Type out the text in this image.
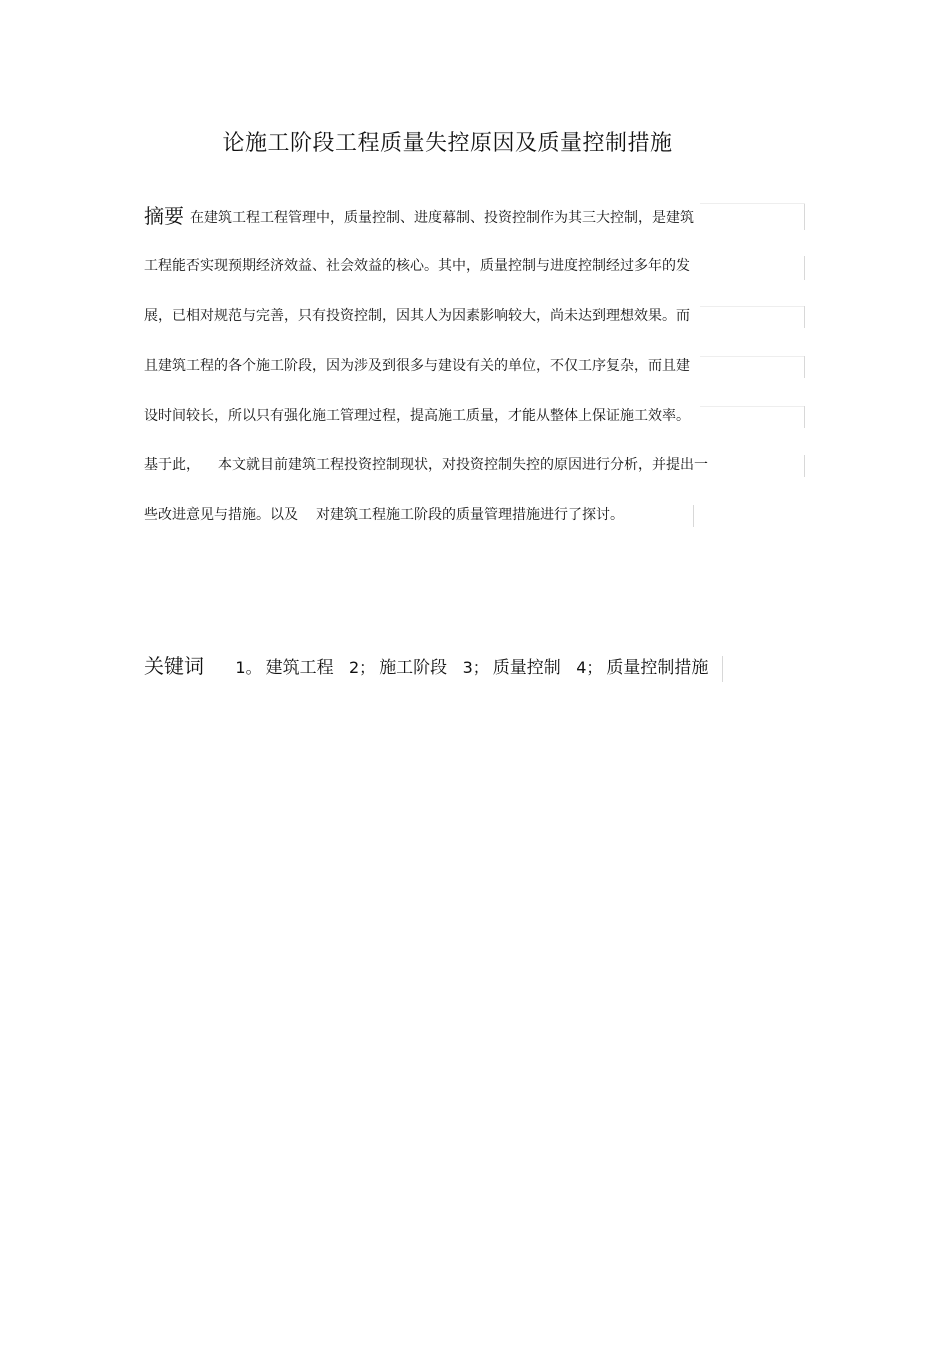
论施工阶段工程质量失控原因及质量控制措施
摘要 在建筑工程工程管理中，质量控制、进度幕制、投资控制作为其三大控制，是建筑
工程能否实现预期经济效益、社会效益的核心。其中，质量控制与进度控制经过多年的发
展，已相对规范与完善，只有投资控制，因其人为因素影响较大，尚未达到理想效果。而
且建筑工程的各个施工阶段，因为涉及到很多与建设有关的单位，不仅工序复杂，而且建
设时间较长，所以只有强化施工管理过程，提高施工质量，才能从整体上保证施工效率。
基于此， 本文就目前建筑工程投资控制现状，对投资控制失控的原因进行分析，并提出一
些改进意见与措施。以及 对建筑工程施工阶段的质量管理措施进行了探讨。
关键词 1。 建筑工程 2； 施工阶段 3； 质量控制 4； 质量控制措施
